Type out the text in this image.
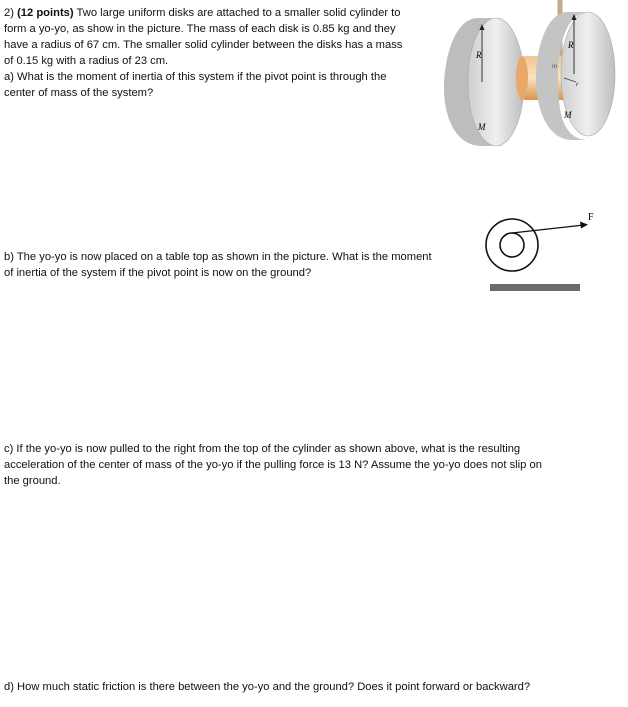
2) (12 points) Two large uniform disks are attached to a smaller solid cylinder to
form a yo-yo, as show in the picture. The mass of each disk is 0.85 kg and they
have a radius of 67 cm. The smaller solid cylinder between the disks has a mass
of 0.15 kg with a radius of 23 cm.
a) What is the moment of inertia of this system if the pivot point is through the
center of mass of the system?
R
R
m
r
M
M
b) The yo-yo is now placed on a table top as shown in the picture. What is the moment
of inertia of the system if the pivot point is now on the ground?
F
c) If the yo-yo is now pulled to the right from the top of the cylinder as shown above, what is the resulting
acceleration of the center of mass of the yo-yo if the pulling force is 13 N? Assume the yo-yo does not slip on
the ground.
d) How much static friction is there between the yo-yo and the ground? Does it point forward or backward?
